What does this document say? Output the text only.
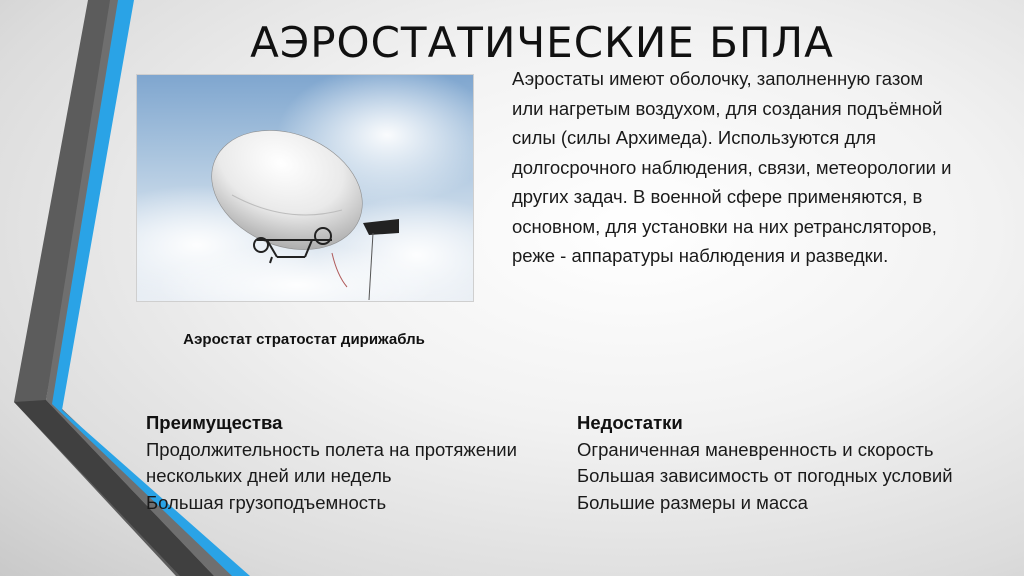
АЭРОСТАТИЧЕСКИЕ БПЛА
Аэростат стратостат дирижабль
Аэростаты имеют оболочку, заполненную газом или нагретым воздухом, для создания подъёмной силы (силы Архимеда). Используются для долгосрочного наблюдения, связи, метеорологии и других задач. В военной сфере применяются, в основном, для установки на них ретрансляторов, реже - аппаратуры наблюдения и разведки.
Преимущества
Продолжительность полета на протяжении нескольких дней или недель
Большая грузоподъемность
Недостатки
Ограниченная маневренность и скорость
Большая зависимость от погодных условий
Большие размеры и масса
